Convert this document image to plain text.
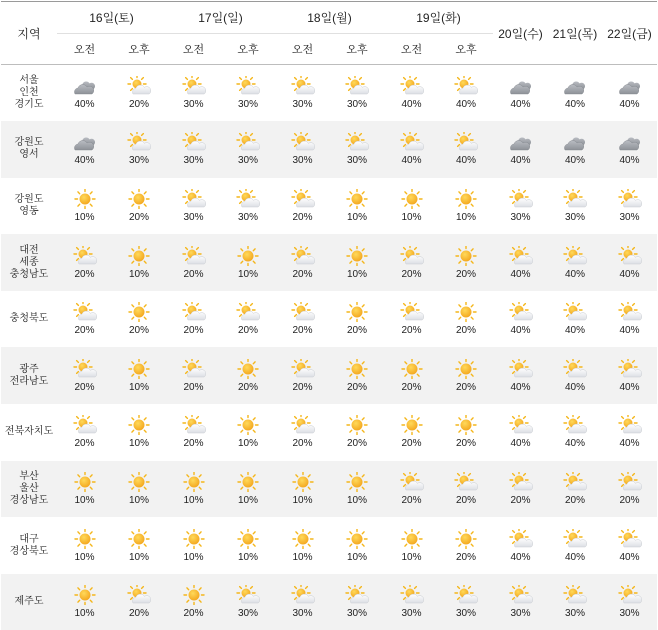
지역	16일(토)		17일(일)		18일(월)		19일(화)		20일(수)	21일(목)	22일(금)
	오전	오후	오전	오후	오전	오후	오전	오후			
서울
인천
경기도	40%	20%	30%	30%	30%	30%	40%	40%	40%	40%	40%

강원도
영서	40%	30%	30%	30%	30%	30%	40%	40%	40%	40%	40%

강원도
영동	10%	20%	30%	30%	20%	10%	10%	10%	30%	30%	30%

대전
세종
충청남도	20%	10%	20%	10%	20%	10%	20%	20%	40%	40%	40%

충청북도	20%	20%	20%	20%	20%	20%	20%	20%	40%	40%	40%

광주
전라남도	20%	10%	20%	20%	20%	20%	20%	20%	40%	40%	40%

전북자치도	20%	10%	20%	10%	20%	20%	20%	20%	40%	40%	40%

부산
울산
경상남도	10%	10%	10%	10%	10%	10%	20%	20%	20%	20%	20%

대구
경상북도	10%	10%	10%	10%	10%	10%	10%	20%	40%	40%	40%

제주도	10%	20%	20%	30%	30%	30%	30%	30%	30%	30%	30%
